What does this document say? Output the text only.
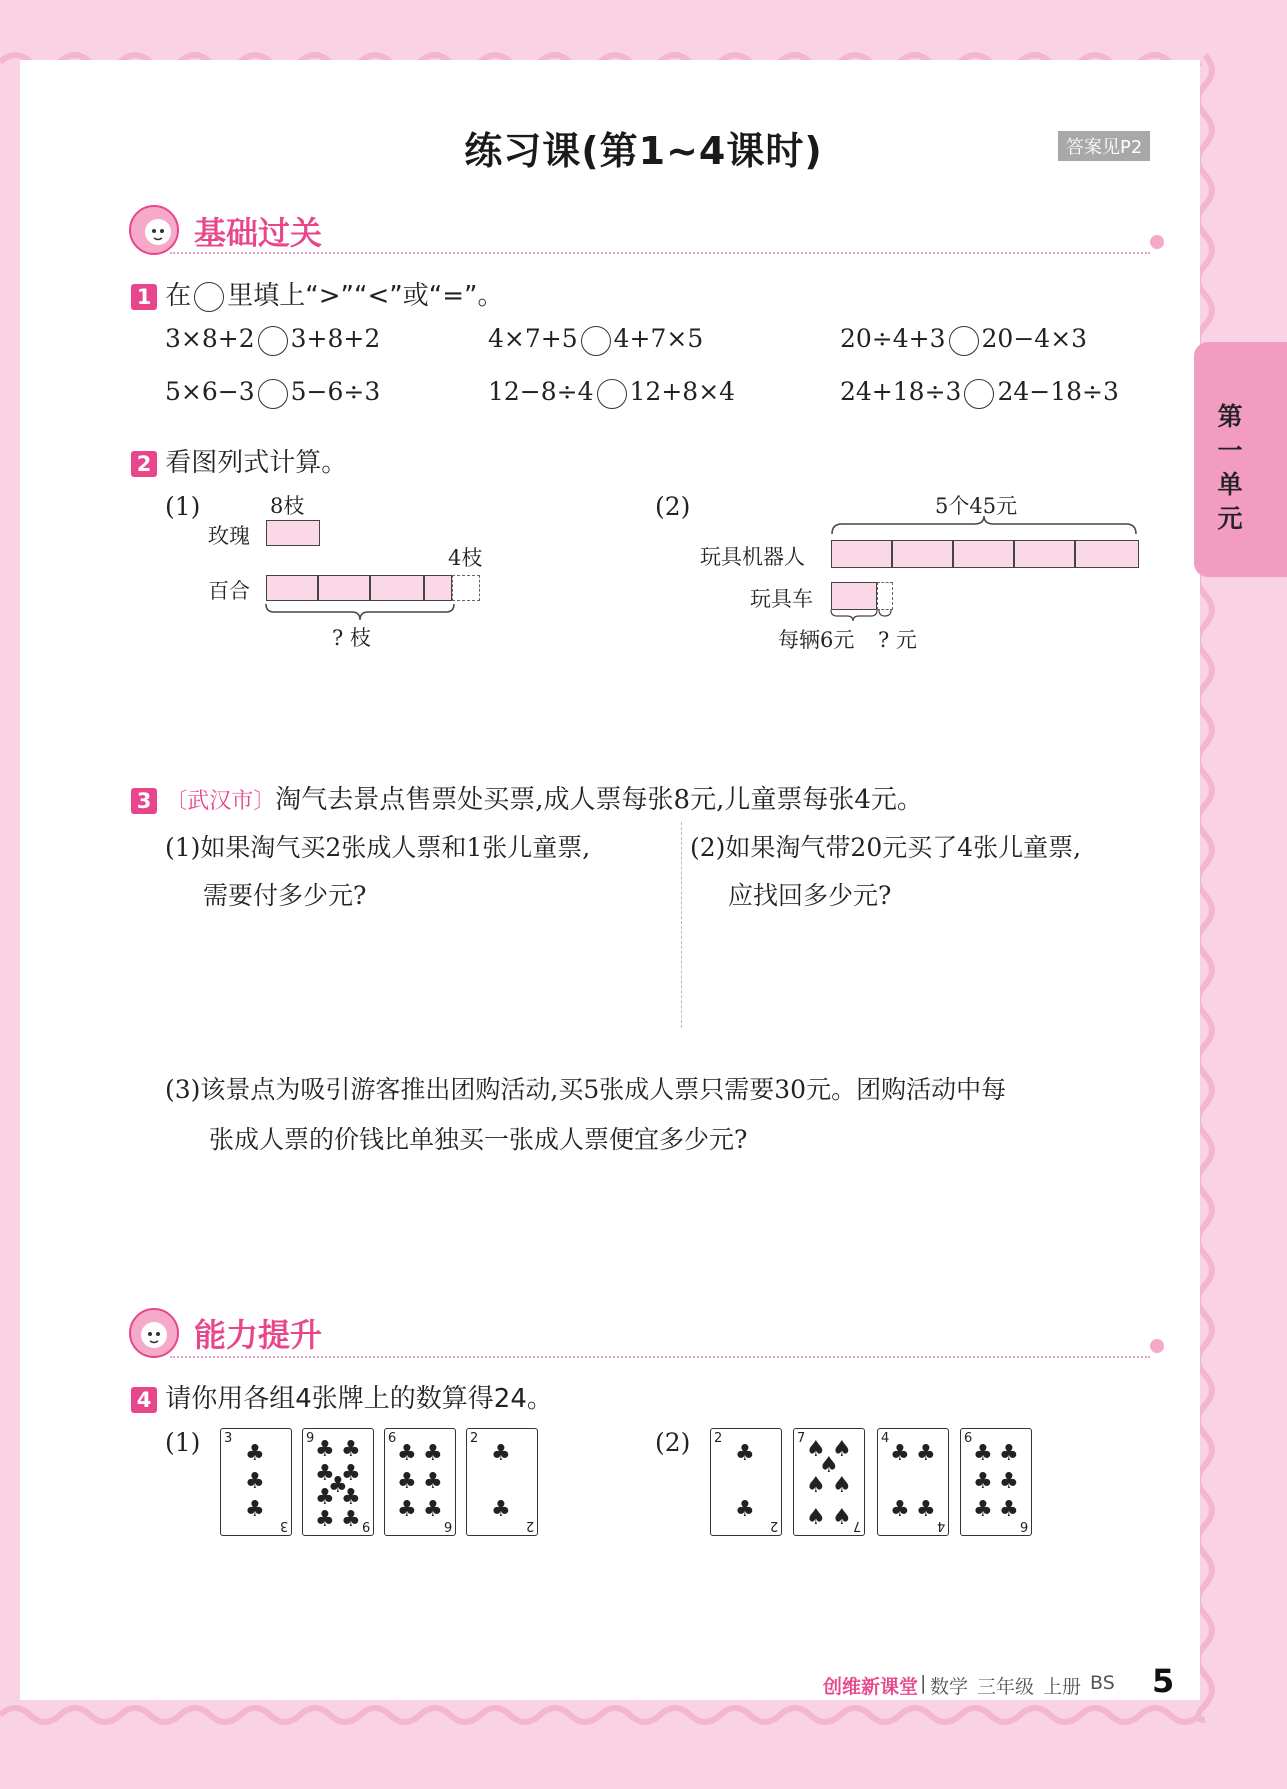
第
一
单
元
练习课(第1~4课时)	答案见P2
基础过关
1 在 里填上“>”“<”或“=”。
3×8+2 3+8+2	4×7+5 4+7×5	20÷4+3 20−4×3
5×6−3 5−6÷3	12−8÷4 12+8×4	24+18÷3 24−18÷3
2 看图列式计算。
(1)	8枝
玫瑰
百合
4枝
? 枝
(2)	5个45元
玩具机器人
玩具车
每辆6元 ? 元
3 〔武汉市〕淘气去景点售票处买票,成人票每张8元,儿童票每张4元。
(1)如果淘气买2张成人票和1张儿童票,
需要付多少元?
(2)如果淘气带20元买了4张儿童票,
应找回多少元?
(3)该景点为吸引游客推出团购活动,买5张成人票只需要30元。团购活动中每
张成人票的价钱比单独买一张成人票便宜多少元?
能力提升
4 请你用各组4张牌上的数算得24。
(1)	(2)
3
♣
♣
♣
3
9 ♣ ♣
♣ ♣
♣
♣ ♣
♣ ♣ 9
6
♣ ♣
♣ ♣
♣ ♣
6
2
♣
♣
2
2
♣
♣
2
7 ♠ ♠
♠
♠ ♠
♠ ♠ 7
4
♣ ♣
♣ ♣
4
6
♣ ♣
♣ ♣
♣ ♣
6
创维新课堂 | 数学 三年级 上册 BS 5
